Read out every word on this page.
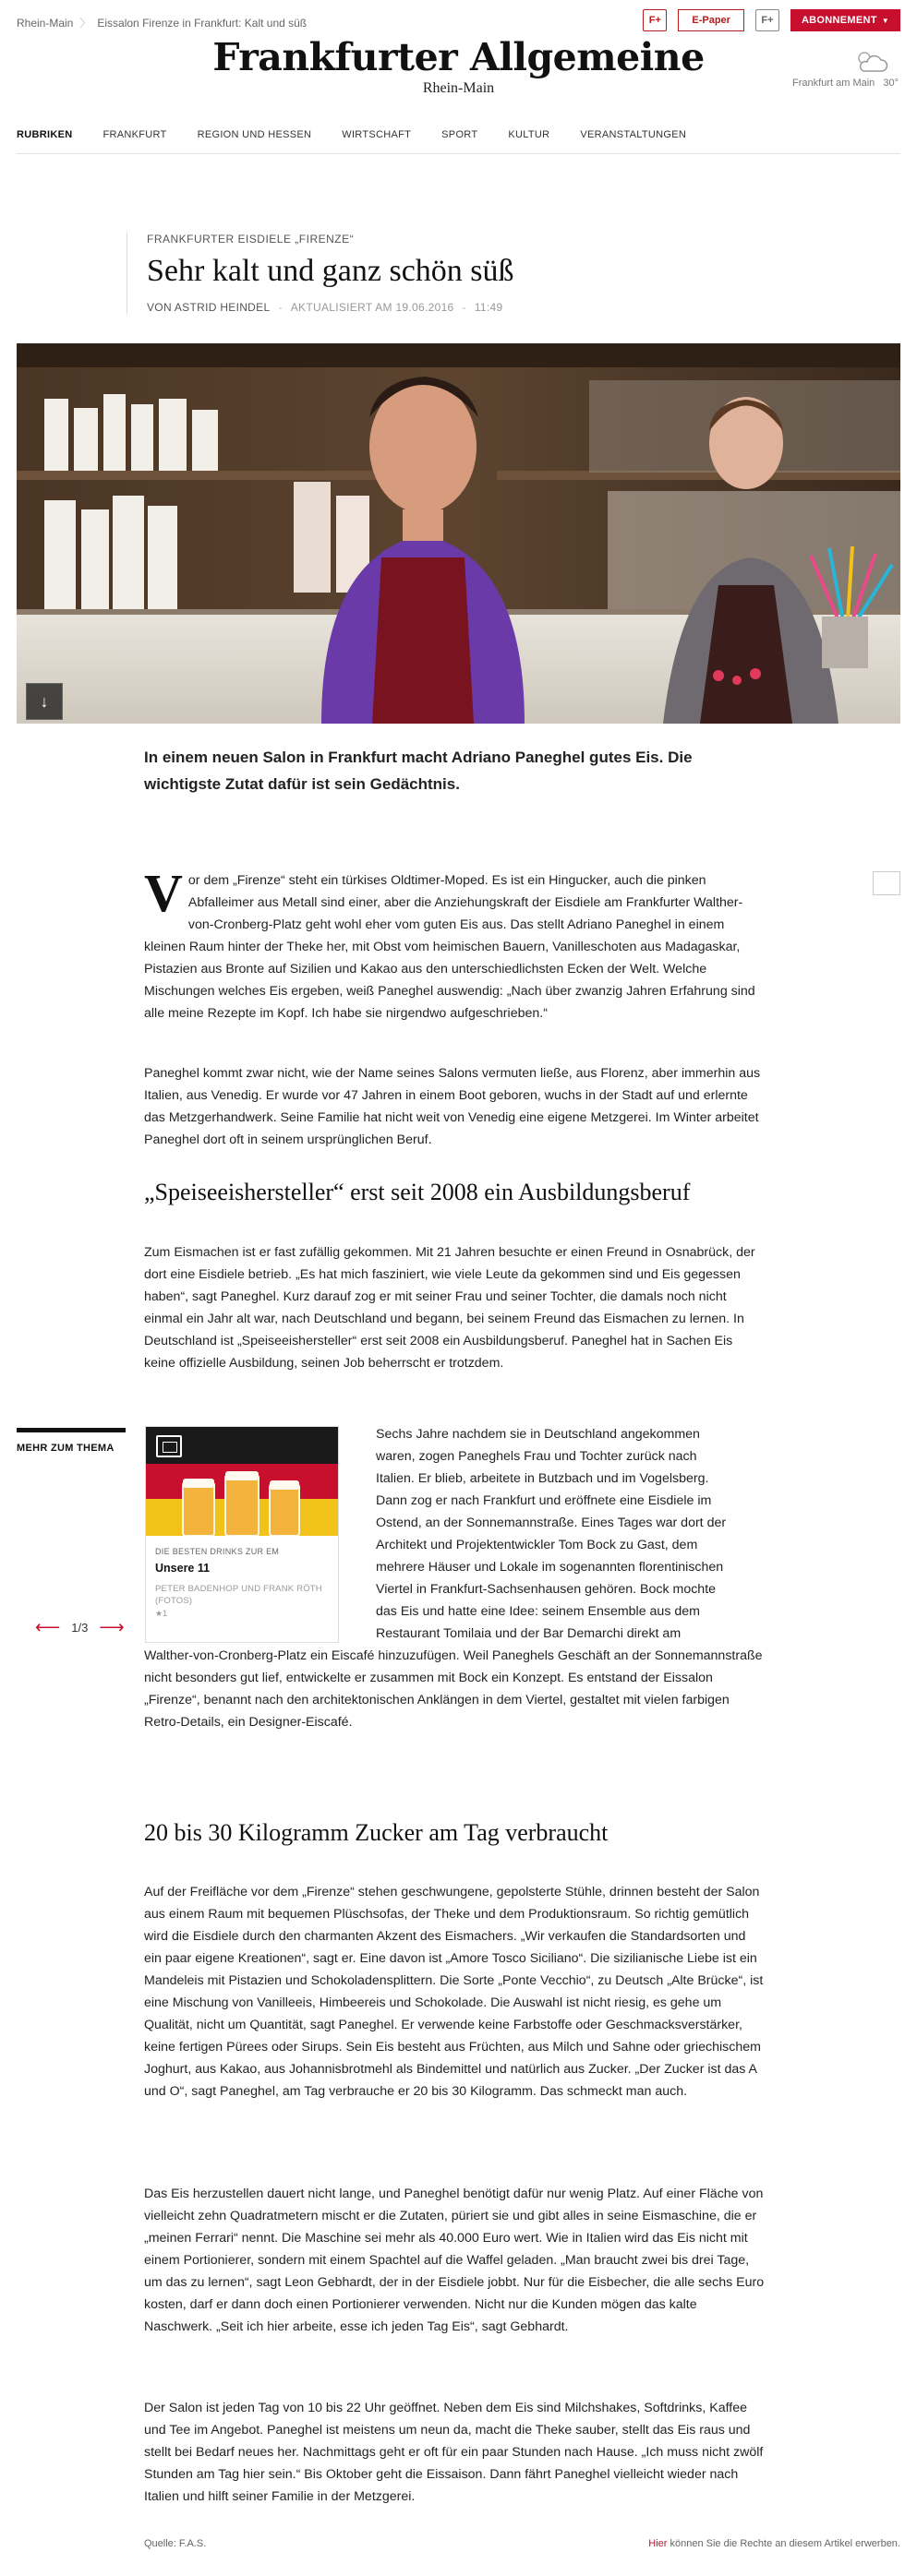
Rhein-Main 〉 Eissalon Firenze in Frankfurt: Kalt und süß	F+	E-Paper	F+	ABONNEMENT ▼
Frankfurter Allgemeine
Rhein-Main	Frankfurt am Main 30°
RUBRIKEN	FRANKFURT	REGION UND HESSEN	WIRTSCHAFT	SPORT	KULTUR	VERANSTALTUNGEN
FRANKFURTER EISDIELE „FIRENZE“
Sehr kalt und ganz schön süß
VON ASTRID HEINDEL - AKTUALISIERT AM 19.06.2016 - 11:49
↓
In einem neuen Salon in Frankfurt macht Adriano Paneghel gutes Eis. Die wichtigste Zutat dafür ist sein Gedächtnis.
Vor dem „Firenze“ steht ein türkises Oldtimer-Moped. Es ist ein Hingucker, auch die pinken Abfalleimer aus Metall sind einer, aber die Anziehungskraft der Eisdiele am Frankfurter Walther-von-Cronberg-Platz geht wohl eher vom guten Eis aus. Das stellt Adriano Paneghel in einem kleinen Raum hinter der Theke her, mit Obst vom heimischen Bauern, Vanilleschoten aus Madagaskar, Pistazien aus Bronte auf Sizilien und Kakao aus den unterschiedlichsten Ecken der Welt. Welche Mischungen welches Eis ergeben, weiß Paneghel auswendig: „Nach über zwanzig Jahren Erfahrung sind alle meine Rezepte im Kopf. Ich habe sie nirgendwo aufgeschrieben.“
Paneghel kommt zwar nicht, wie der Name seines Salons vermuten ließe, aus Florenz, aber immerhin aus Italien, aus Venedig. Er wurde vor 47 Jahren in einem Boot geboren, wuchs in der Stadt auf und erlernte das Metzgerhandwerk. Seine Familie hat nicht weit von Venedig eine eigene Metzgerei. Im Winter arbeitet Paneghel dort oft in seinem ursprünglichen Beruf.
„Speiseeishersteller“ erst seit 2008 ein Ausbildungsberuf
Zum Eismachen ist er fast zufällig gekommen. Mit 21 Jahren besuchte er einen Freund in Osnabrück, der dort eine Eisdiele betrieb. „Es hat mich fasziniert, wie viele Leute da gekommen sind und Eis gegessen haben“, sagt Paneghel. Kurz darauf zog er mit seiner Frau und seiner Tochter, die damals noch nicht einmal ein Jahr alt war, nach Deutschland und begann, bei seinem Freund das Eismachen zu lernen. In Deutschland ist „Speiseeishersteller“ erst seit 2008 ein Ausbildungsberuf. Paneghel hat in Sachen Eis keine offizielle Ausbildung, seinen Job beherrscht er trotzdem.
MEHR ZUM THEMA
⟵ 1/3 ⟶
DIE BESTEN DRINKS ZUR EM
Unsere 11
PETER BADENHOP UND FRANK RÖTH (FOTOS)
★1
Sechs Jahre nachdem sie in Deutschland angekommen
waren, zogen Paneghels Frau und Tochter zurück nach
Italien. Er blieb, arbeitete in Butzbach und im Vogelsberg.
Dann zog er nach Frankfurt und eröffnete eine Eisdiele im
Ostend, an der Sonnemannstraße. Eines Tages war dort der
Architekt und Projektentwickler Tom Bock zu Gast, dem
mehrere Häuser und Lokale im sogenannten florentinischen
Viertel in Frankfurt-Sachsenhausen gehören. Bock mochte
das Eis und hatte eine Idee: seinem Ensemble aus dem
Restaurant Tomilaia und der Bar Demarchi direkt am
Walther-von-Cronberg-Platz ein Eiscafé hinzuzufügen. Weil Paneghels Geschäft an der Sonnemannstraße nicht besonders gut lief, entwickelte er zusammen mit Bock ein Konzept. Es entstand der Eissalon „Firenze“, benannt nach den architektonischen Anklängen in dem Viertel, gestaltet mit vielen farbigen Retro-Details, ein Designer-Eiscafé.
20 bis 30 Kilogramm Zucker am Tag verbraucht
Auf der Freifläche vor dem „Firenze“ stehen geschwungene, gepolsterte Stühle, drinnen besteht der Salon aus einem Raum mit bequemen Plüschsofas, der Theke und dem Produktionsraum. So richtig gemütlich wird die Eisdiele durch den charmanten Akzent des Eismachers. „Wir verkaufen die Standardsorten und ein paar eigene Kreationen“, sagt er. Eine davon ist „Amore Tosco Siciliano“. Die sizilianische Liebe ist ein Mandeleis mit Pistazien und Schokoladensplittern. Die Sorte „Ponte Vecchio“, zu Deutsch „Alte Brücke“, ist eine Mischung von Vanilleeis, Himbeereis und Schokolade. Die Auswahl ist nicht riesig, es gehe um Qualität, nicht um Quantität, sagt Paneghel. Er verwende keine Farbstoffe oder Geschmacksverstärker, keine fertigen Pürees oder Sirups. Sein Eis besteht aus Früchten, aus Milch und Sahne oder griechischem Joghurt, aus Kakao, aus Johannisbrotmehl als Bindemittel und natürlich aus Zucker. „Der Zucker ist das A und O“, sagt Paneghel, am Tag verbrauche er 20 bis 30 Kilogramm. Das schmeckt man auch.
Das Eis herzustellen dauert nicht lange, und Paneghel benötigt dafür nur wenig Platz. Auf einer Fläche von vielleicht zehn Quadratmetern mischt er die Zutaten, püriert sie und gibt alles in seine Eismaschine, die er „meinen Ferrari“ nennt. Die Maschine sei mehr als 40.000 Euro wert. Wie in Italien wird das Eis nicht mit einem Portionierer, sondern mit einem Spachtel auf die Waffel geladen. „Man braucht zwei bis drei Tage, um das zu lernen“, sagt Leon Gebhardt, der in der Eisdiele jobbt. Nur für die Eisbecher, die alle sechs Euro kosten, darf er dann doch einen Portionierer verwenden. Nicht nur die Kunden mögen das kalte Naschwerk. „Seit ich hier arbeite, esse ich jeden Tag Eis“, sagt Gebhardt.
Der Salon ist jeden Tag von 10 bis 22 Uhr geöffnet. Neben dem Eis sind Milchshakes, Softdrinks, Kaffee und Tee im Angebot. Paneghel ist meistens um neun da, macht die Theke sauber, stellt das Eis raus und stellt bei Bedarf neues her. Nachmittags geht er oft für ein paar Stunden nach Hause. „Ich muss nicht zwölf Stunden am Tag hier sein.“ Bis Oktober geht die Eissaison. Dann fährt Paneghel vielleicht wieder nach Italien und hilft seiner Familie in der Metzgerei.
Quelle: F.A.S.	Hier können Sie die Rechte an diesem Artikel erwerben.
